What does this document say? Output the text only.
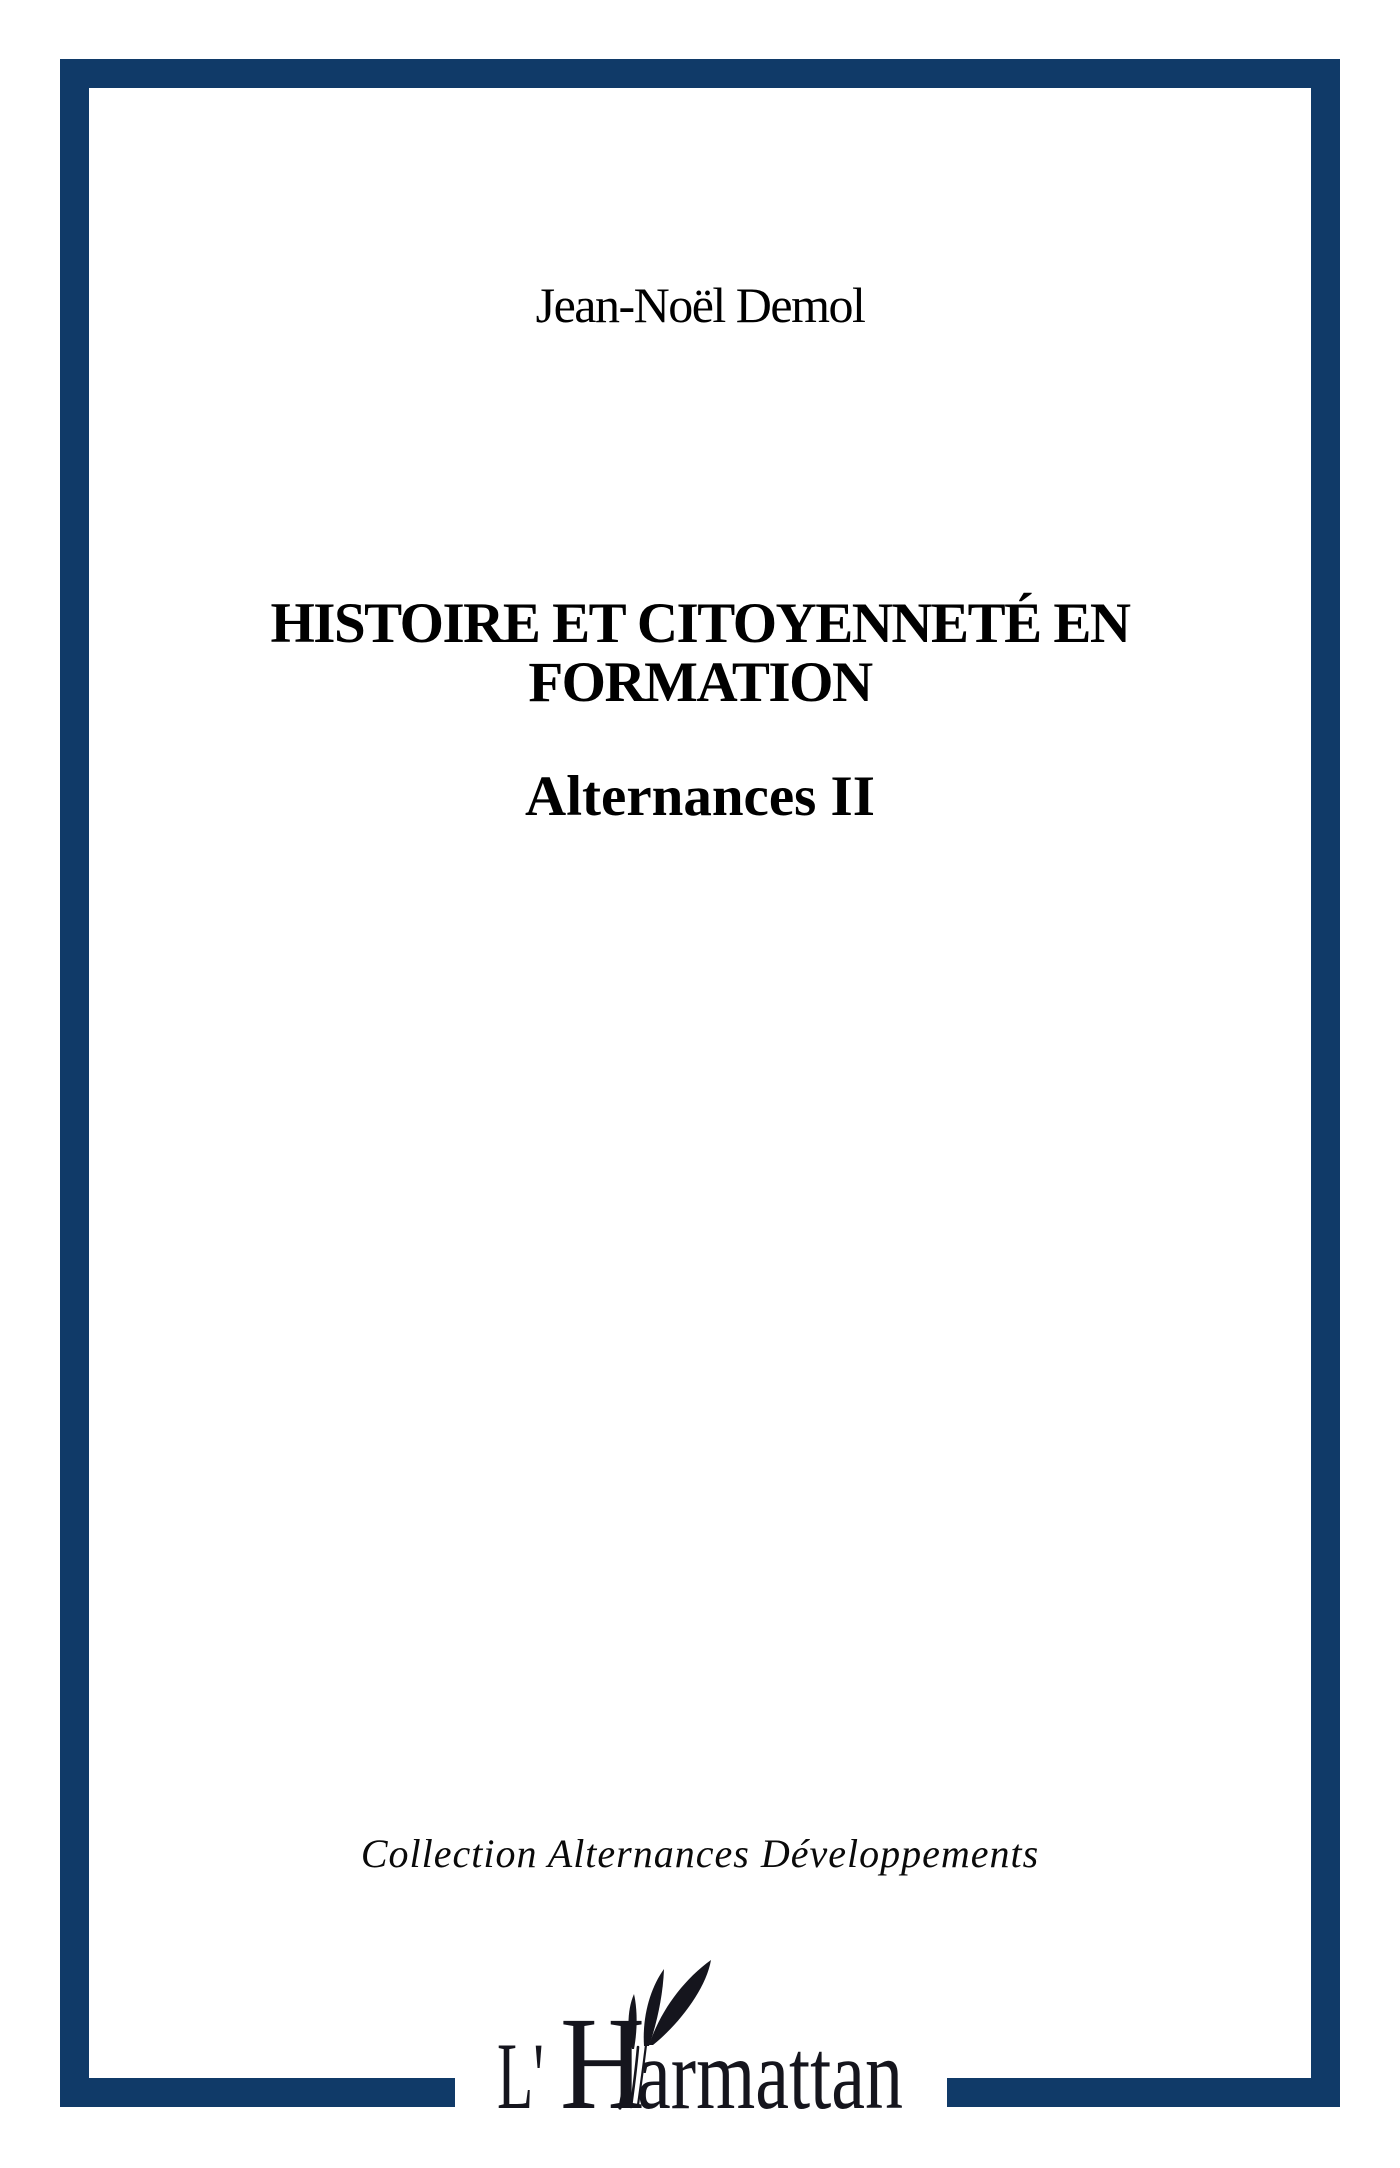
Jean-Noël Demol
HISTOIRE ET CITOYENNETÉ EN
FORMATION
Alternances II
Collection Alternances Développements
L' H
armattan
